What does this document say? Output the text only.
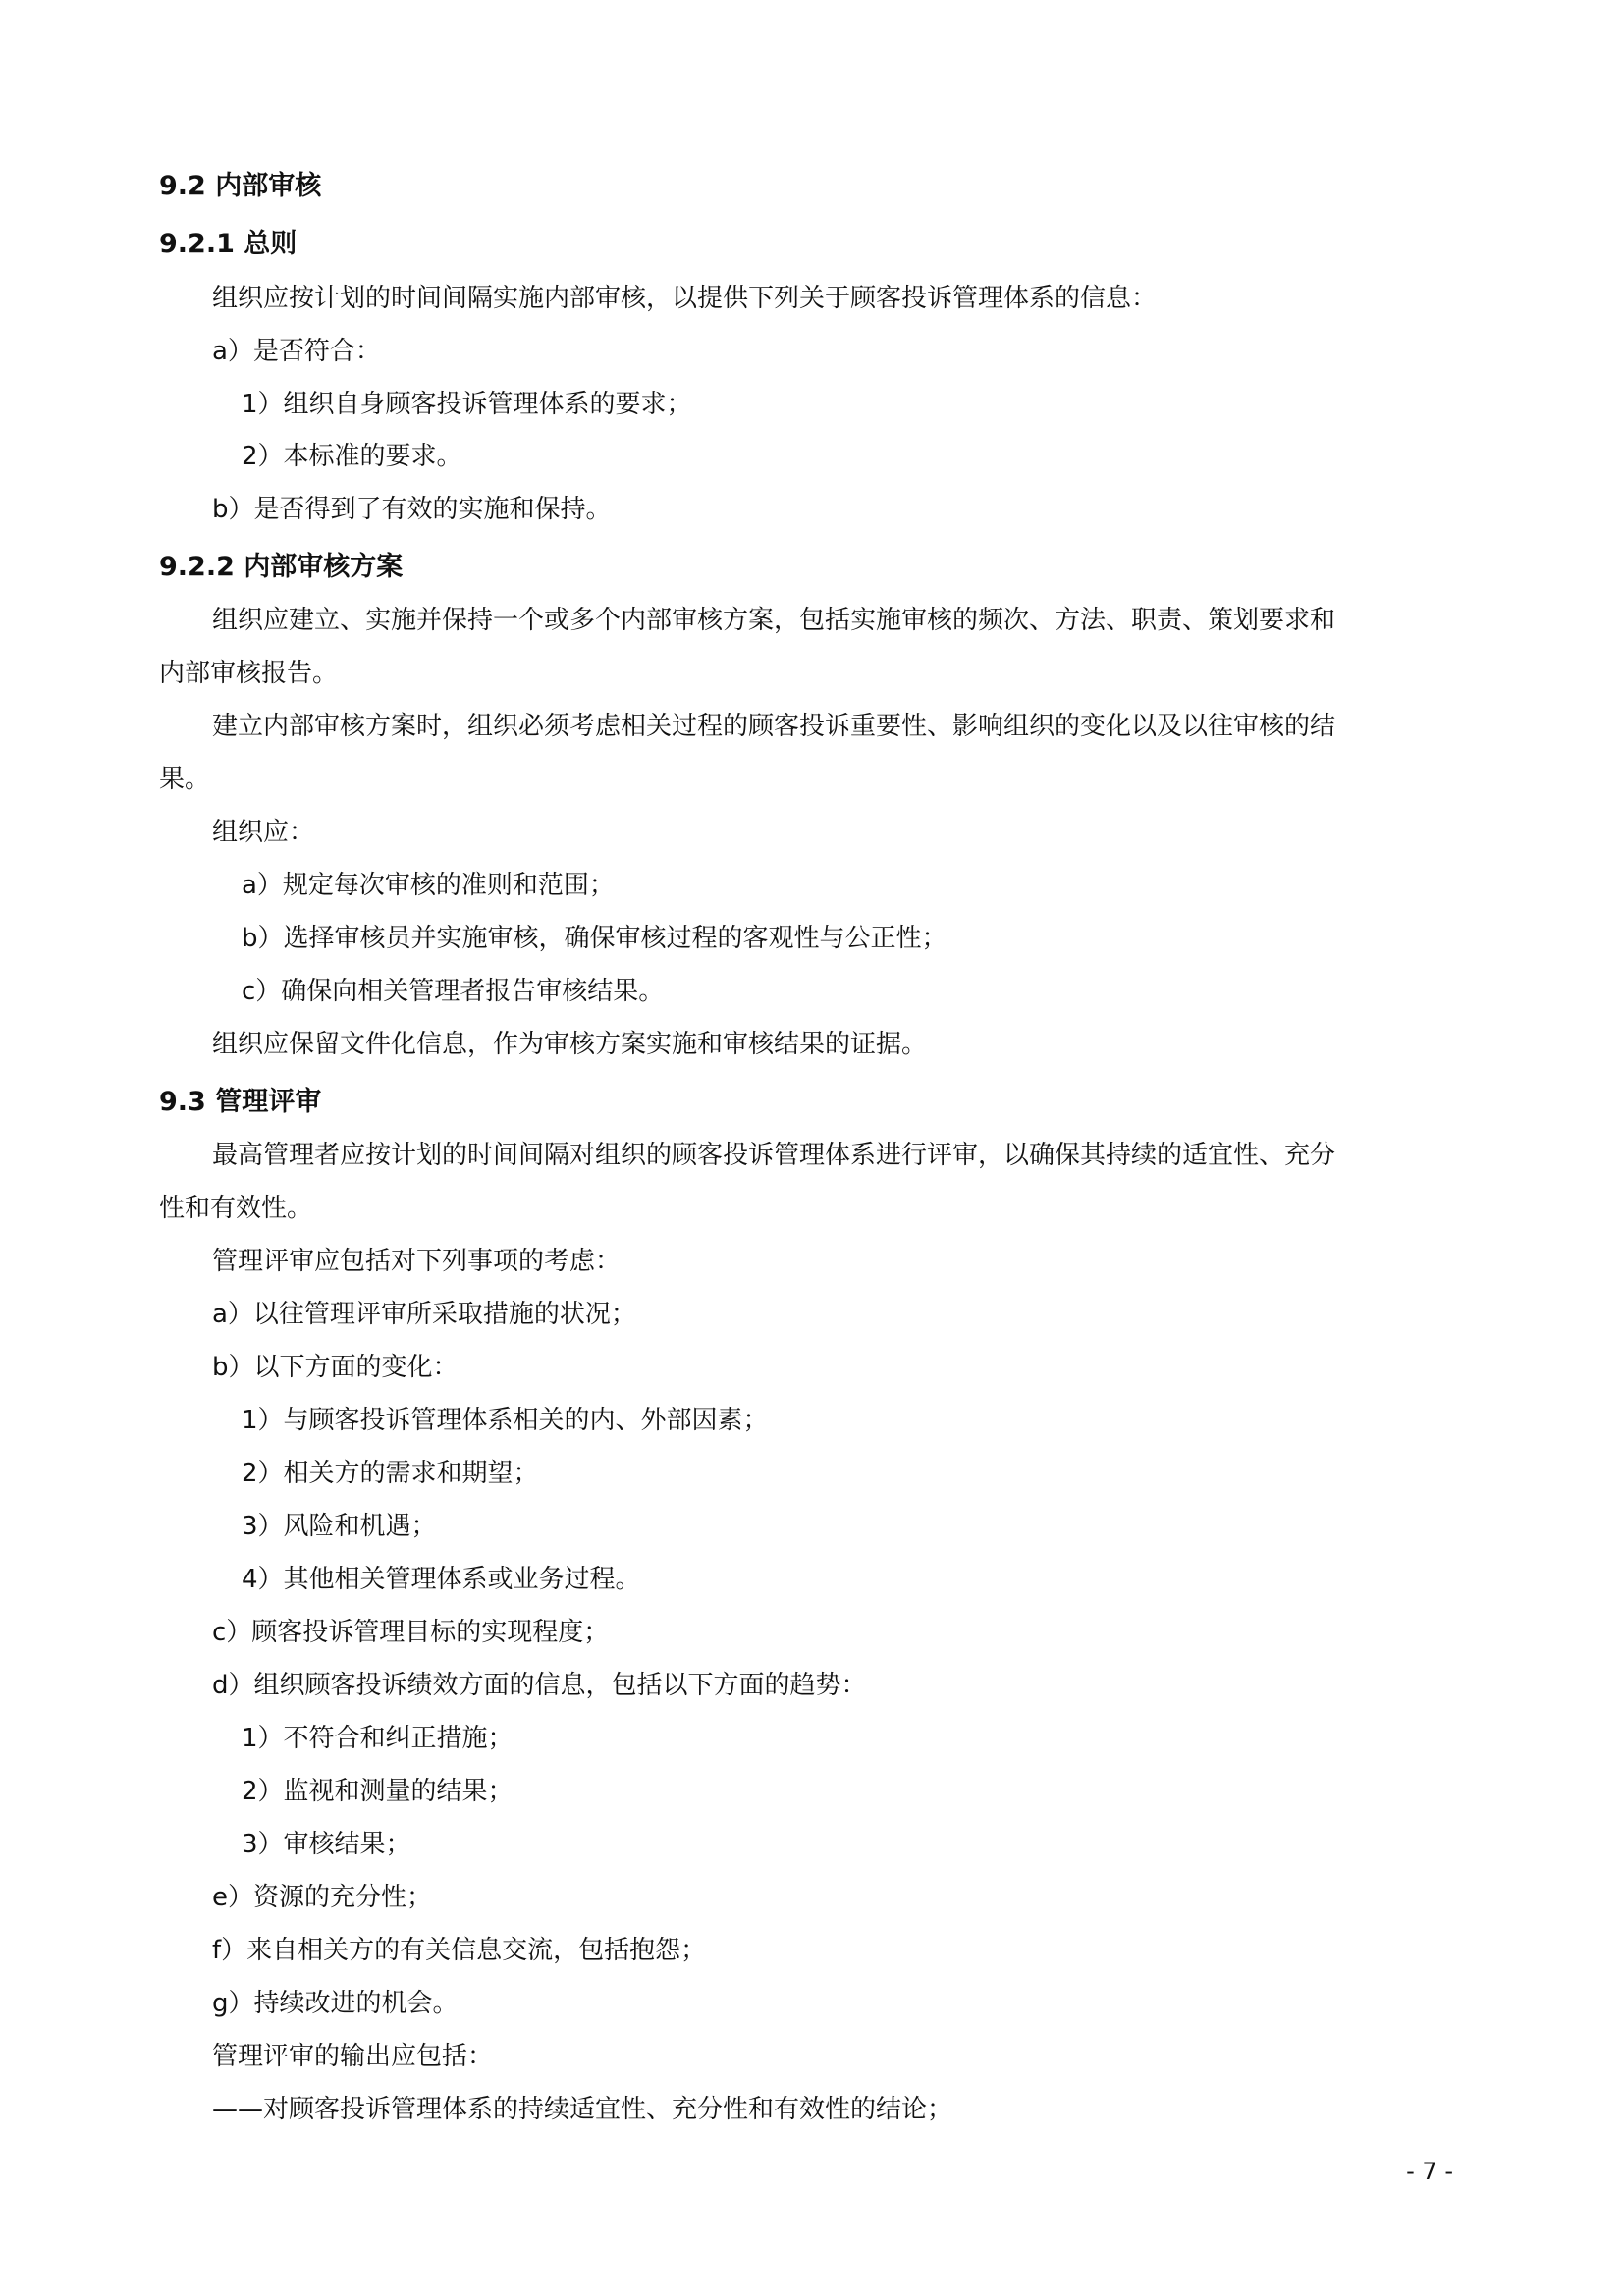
9.2 内部审核
9.2.1 总则
组织应按计划的时间间隔实施内部审核，以提供下列关于顾客投诉管理体系的信息：
a）是否符合：
1）组织自身顾客投诉管理体系的要求；
2）本标准的要求。
b）是否得到了有效的实施和保持。
9.2.2 内部审核方案
组织应建立、实施并保持一个或多个内部审核方案，包括实施审核的频次、方法、职责、策划要求和
内部审核报告。
建立内部审核方案时，组织必须考虑相关过程的顾客投诉重要性、影响组织的变化以及以往审核的结
果。
组织应：
a）规定每次审核的准则和范围；
b）选择审核员并实施审核，确保审核过程的客观性与公正性；
c）确保向相关管理者报告审核结果。
组织应保留文件化信息，作为审核方案实施和审核结果的证据。
9.3 管理评审
最高管理者应按计划的时间间隔对组织的顾客投诉管理体系进行评审，以确保其持续的适宜性、充分
性和有效性。
管理评审应包括对下列事项的考虑：
a）以往管理评审所采取措施的状况；
b）以下方面的变化：
1）与顾客投诉管理体系相关的内、外部因素；
2）相关方的需求和期望；
3）风险和机遇；
4）其他相关管理体系或业务过程。
c）顾客投诉管理目标的实现程度；
d）组织顾客投诉绩效方面的信息，包括以下方面的趋势：
1）不符合和纠正措施；
2）监视和测量的结果；
3）审核结果；
e）资源的充分性；
f）来自相关方的有关信息交流，包括抱怨；
g）持续改进的机会。
管理评审的输出应包括：
——对顾客投诉管理体系的持续适宜性、充分性和有效性的结论；
- 7 -
